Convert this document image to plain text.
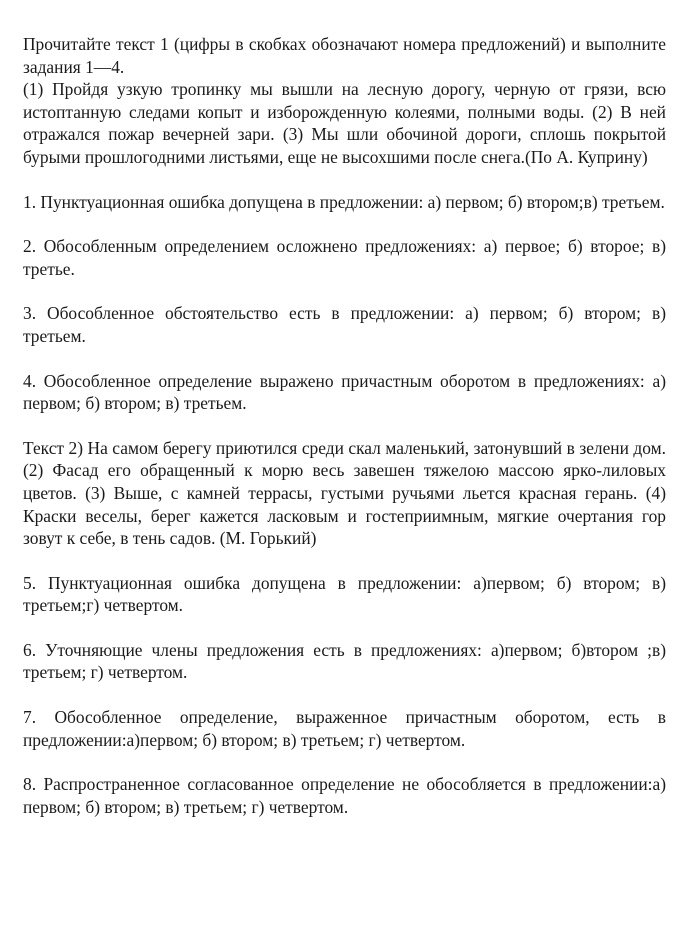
Прочитайте текст 1 (цифры в скобках обозначают номера предложений) и выполните задания 1—4.

(1) Пройдя узкую тропинку мы вышли на лесную дорогу, черную от грязи, всю истоптанную следами копыт и изборожденную колеями, полными воды. (2) В ней отражался пожар вечерней зари. (3) Мы шли обочиной дороги, сплошь покрытой бурыми прошлогодними листьями, еще не высохшими после снега.(По А. Куприну)

1. Пунктуационная ошибка допущена в предложении: а) первом; б) втором;в) третьем.

2. Обособленным определением осложнено предложениях: а) первое; б) второе; в) третье.

3. Обособленное обстоятельство есть в предложении: а) первом; б) втором; в) третьем.

4. Обособленное определение выражено причастным оборотом в предложениях: а) первом; б) втором; в) третьем.

Текст 2) На самом берегу приютился среди скал маленький, затонувший в зелени дом. (2) Фасад его обращенный к морю весь завешен тяжелою массою ярко-лиловых цветов. (3) Выше, с камней террасы, густыми ручьями льется красная герань. (4) Краски веселы, берег кажется ласковым и гостеприимным, мягкие очертания гор зовут к себе, в тень садов. (М. Горький)

5. Пунктуационная ошибка допущена в предложении: а)первом; б) втором; в) третьем;г) четвертом.

6. Уточняющие члены предложения есть в предложениях: а)первом; б)втором ;в) третьем; г) четвертом.

7. Обособленное определение, выраженное причастным оборотом, есть в предложении:а)первом; б) втором; в) третьем; г) четвертом.

8. Распространенное согласованное определение не обособляется в предложении:а) первом; б) втором; в) третьем; г) четвертом.
